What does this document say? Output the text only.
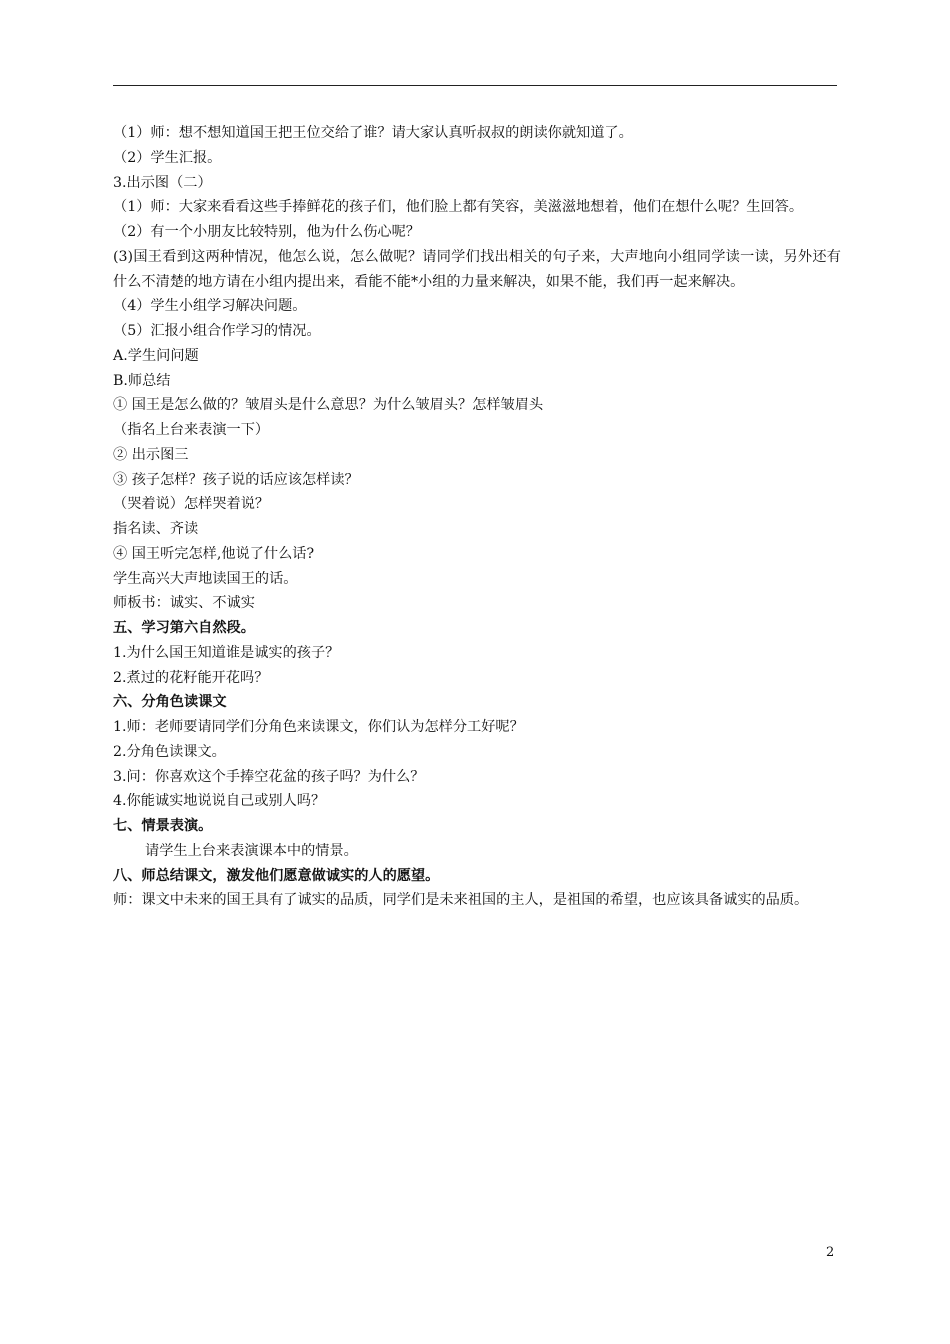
（1）师：想不想知道国王把王位交给了谁？请大家认真听叔叔的朗读你就知道了。
（2）学生汇报。
3.出示图（二）
（1）师：大家来看看这些手捧鲜花的孩子们，他们脸上都有笑容，美滋滋地想着，他们在想什么呢？生回答。
（2）有一个小朋友比较特别，他为什么伤心呢？
(3)国王看到这两种情况，他怎么说，怎么做呢？请同学们找出相关的句子来，大声地向小组同学读一读，另外还有什么不清楚的地方请在小组内提出来，看能不能*小组的力量来解决，如果不能，我们再一起来解决。
（4）学生小组学习解决问题。
（5）汇报小组合作学习的情况。
A.学生问问题
B.师总结
① 国王是怎么做的？皱眉头是什么意思？为什么皱眉头？怎样皱眉头
（指名上台来表演一下）
② 出示图三
③ 孩子怎样？孩子说的话应该怎样读？
（哭着说）怎样哭着说？
指名读、齐读
④ 国王听完怎样,他说了什么话?
学生高兴大声地读国王的话。
师板书：诚实、不诚实
五、学习第六自然段。
1.为什么国王知道谁是诚实的孩子？
2.煮过的花籽能开花吗？
六、分角色读课文
1.师：老师要请同学们分角色来读课文，你们认为怎样分工好呢？
2.分角色读课文。
3.问：你喜欢这个手捧空花盆的孩子吗？为什么？
4.你能诚实地说说自己或别人吗？
七、情景表演。
请学生上台来表演课本中的情景。
八、师总结课文，激发他们愿意做诚实的人的愿望。
师：课文中未来的国王具有了诚实的品质，同学们是未来祖国的主人，是祖国的希望，也应该具备诚实的品质。
2
